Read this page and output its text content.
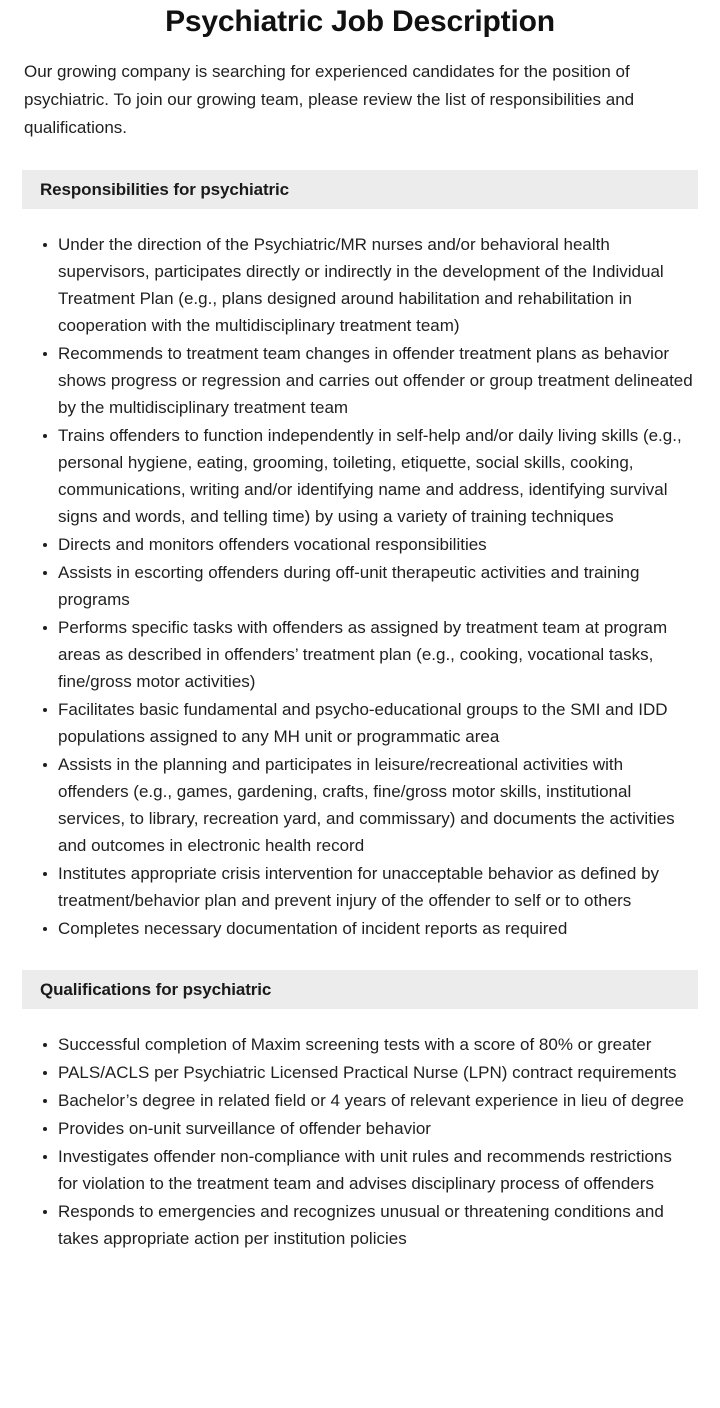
Psychiatric Job Description

Our growing company is searching for experienced candidates for the position of psychiatric. To join our growing team, please review the list of responsibilities and qualifications.

Responsibilities for psychiatric
Under the direction of the Psychiatric/MR nurses and/or behavioral health supervisors, participates directly or indirectly in the development of the Individual Treatment Plan (e.g., plans designed around habilitation and rehabilitation in cooperation with the multidisciplinary treatment team)
Recommends to treatment team changes in offender treatment plans as behavior shows progress or regression and carries out offender or group treatment delineated by the multidisciplinary treatment team
Trains offenders to function independently in self-help and/or daily living skills (e.g., personal hygiene, eating, grooming, toileting, etiquette, social skills, cooking, communications, writing and/or identifying name and address, identifying survival signs and words, and telling time) by using a variety of training techniques
Directs and monitors offenders vocational responsibilities
Assists in escorting offenders during off-unit therapeutic activities and training programs
Performs specific tasks with offenders as assigned by treatment team at program areas as described in offenders’ treatment plan (e.g., cooking, vocational tasks, fine/gross motor activities)
Facilitates basic fundamental and psycho-educational groups to the SMI and IDD populations assigned to any MH unit or programmatic area
Assists in the planning and participates in leisure/recreational activities with offenders (e.g., games, gardening, crafts, fine/gross motor skills, institutional services, to library, recreation yard, and commissary) and documents the activities and outcomes in electronic health record
Institutes appropriate crisis intervention for unacceptable behavior as defined by treatment/behavior plan and prevent injury of the offender to self or to others
Completes necessary documentation of incident reports as required
Qualifications for psychiatric
Successful completion of Maxim screening tests with a score of 80% or greater
PALS/ACLS per Psychiatric Licensed Practical Nurse (LPN) contract requirements
Bachelor’s degree in related field or 4 years of relevant experience in lieu of degree
Provides on-unit surveillance of offender behavior
Investigates offender non-compliance with unit rules and recommends restrictions for violation to the treatment team and advises disciplinary process of offenders
Responds to emergencies and recognizes unusual or threatening conditions and takes appropriate action per institution policies
